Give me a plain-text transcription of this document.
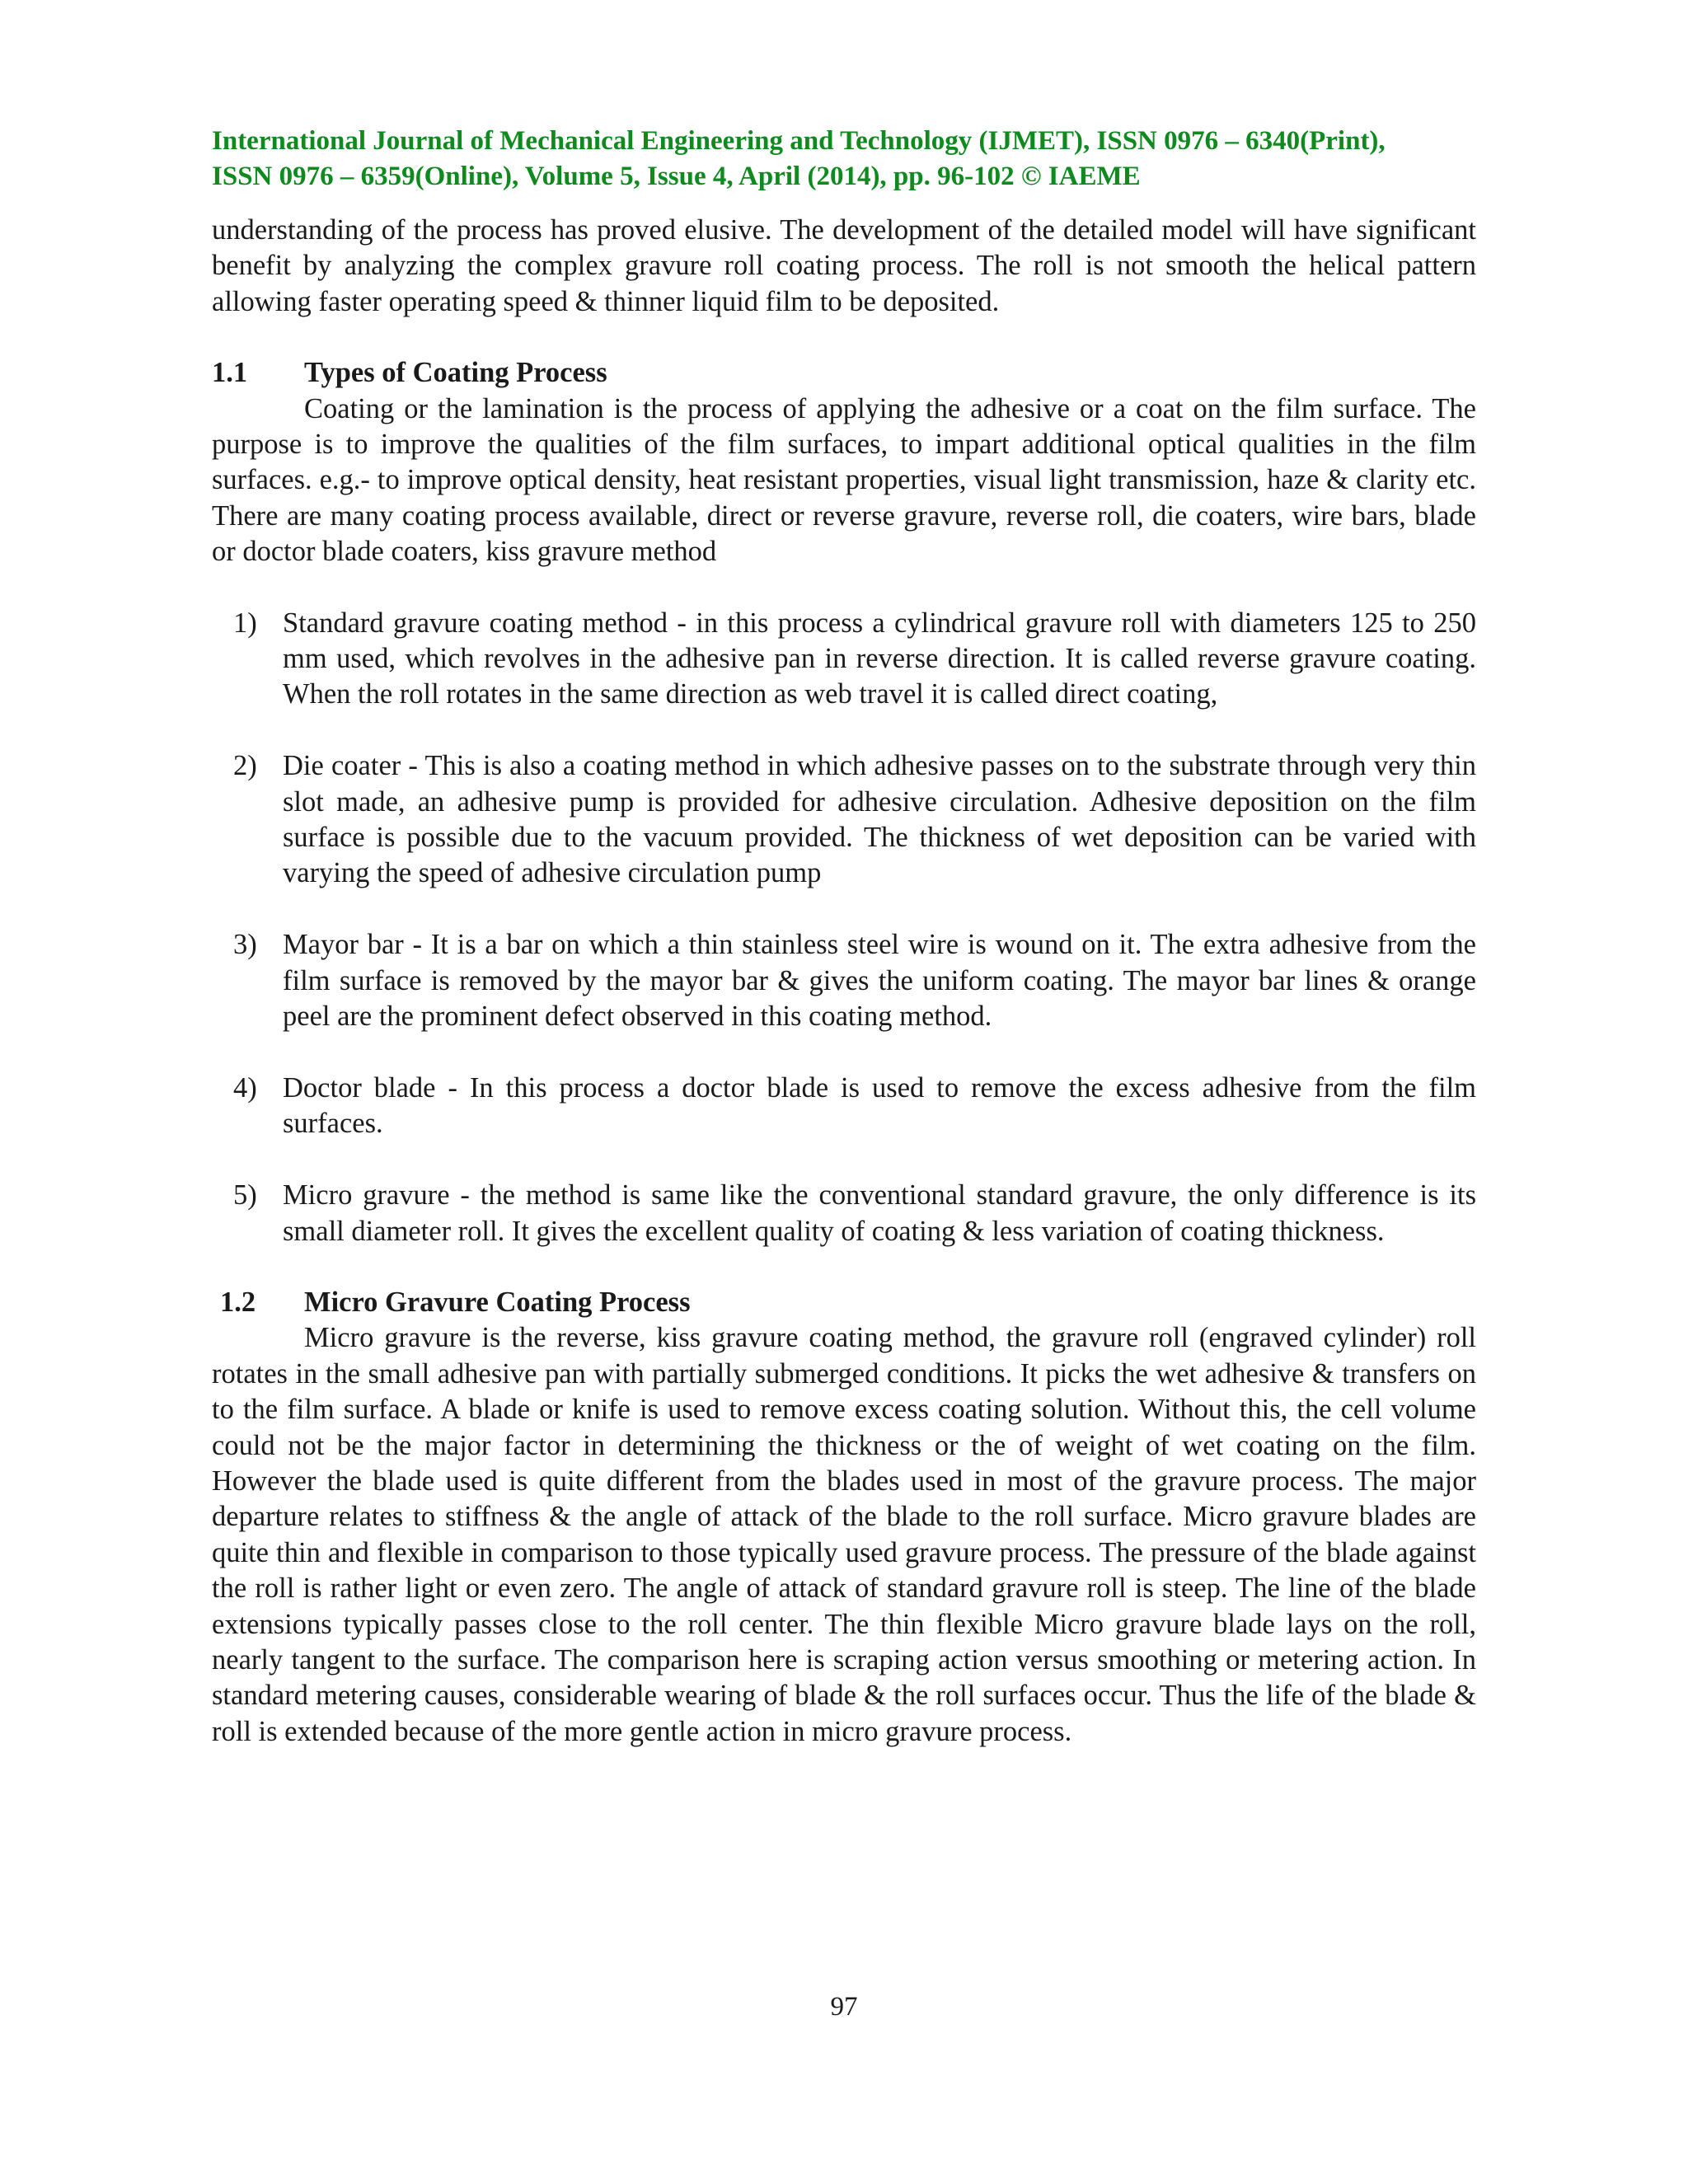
International Journal of Mechanical Engineering and Technology (IJMET), ISSN 0976 – 6340(Print),
ISSN 0976 – 6359(Online), Volume 5, Issue 4, April (2014), pp. 96-102 © IAEME

understanding of the process has proved elusive. The development of the detailed model will have significant benefit by analyzing the complex gravure roll coating process. The roll is not smooth the helical pattern allowing faster operating speed & thinner liquid film to be deposited.

1.1	Types of Coating Process

Coating or the lamination is the process of applying the adhesive or a coat on the film surface. The purpose is to improve the qualities of the film surfaces, to impart additional optical qualities in the film surfaces. e.g.- to improve optical density, heat resistant properties, visual light transmission, haze & clarity etc. There are many coating process available, direct or reverse gravure, reverse roll, die coaters, wire bars, blade or doctor blade coaters, kiss gravure method

1) Standard gravure coating method - in this process a cylindrical gravure roll with diameters 125 to 250 mm used, which revolves in the adhesive pan in reverse direction. It is called reverse gravure coating. When the roll rotates in the same direction as web travel it is called direct coating,
2) Die coater - This is also a coating method in which adhesive passes on to the substrate through very thin slot made, an adhesive pump is provided for adhesive circulation. Adhesive deposition on the film surface is possible due to the vacuum provided. The thickness of wet deposition can be varied with varying the speed of adhesive circulation pump
3) Mayor bar - It is a bar on which a thin stainless steel wire is wound on it. The extra adhesive from the film surface is removed by the mayor bar & gives the uniform coating. The mayor bar lines & orange peel are the prominent defect observed in this coating method.
4) Doctor blade - In this process a doctor blade is used to remove the excess adhesive from the film surfaces.
5) Micro gravure - the method is same like the conventional standard gravure, the only difference is its small diameter roll. It gives the excellent quality of coating & less variation of coating thickness.
1.2	Micro Gravure Coating Process

Micro gravure is the reverse, kiss gravure coating method, the gravure roll (engraved cylinder) roll rotates in the small adhesive pan with partially submerged conditions. It picks the wet adhesive & transfers on to the film surface. A blade or knife is used to remove excess coating solution. Without this, the cell volume could not be the major factor in determining the thickness or the of weight of wet coating on the film. However the blade used is quite different from the blades used in most of the gravure process. The major departure relates to stiffness & the angle of attack of the blade to the roll surface. Micro gravure blades are quite thin and flexible in comparison to those typically used gravure process. The pressure of the blade against the roll is rather light or even zero. The angle of attack of standard gravure roll is steep. The line of the blade extensions typically passes close to the roll center. The thin flexible Micro gravure blade lays on the roll, nearly tangent to the surface. The comparison here is scraping action versus smoothing or metering action. In standard metering causes, considerable wearing of blade & the roll surfaces occur. Thus the life of the blade & roll is extended because of the more gentle action in micro gravure process.

97
